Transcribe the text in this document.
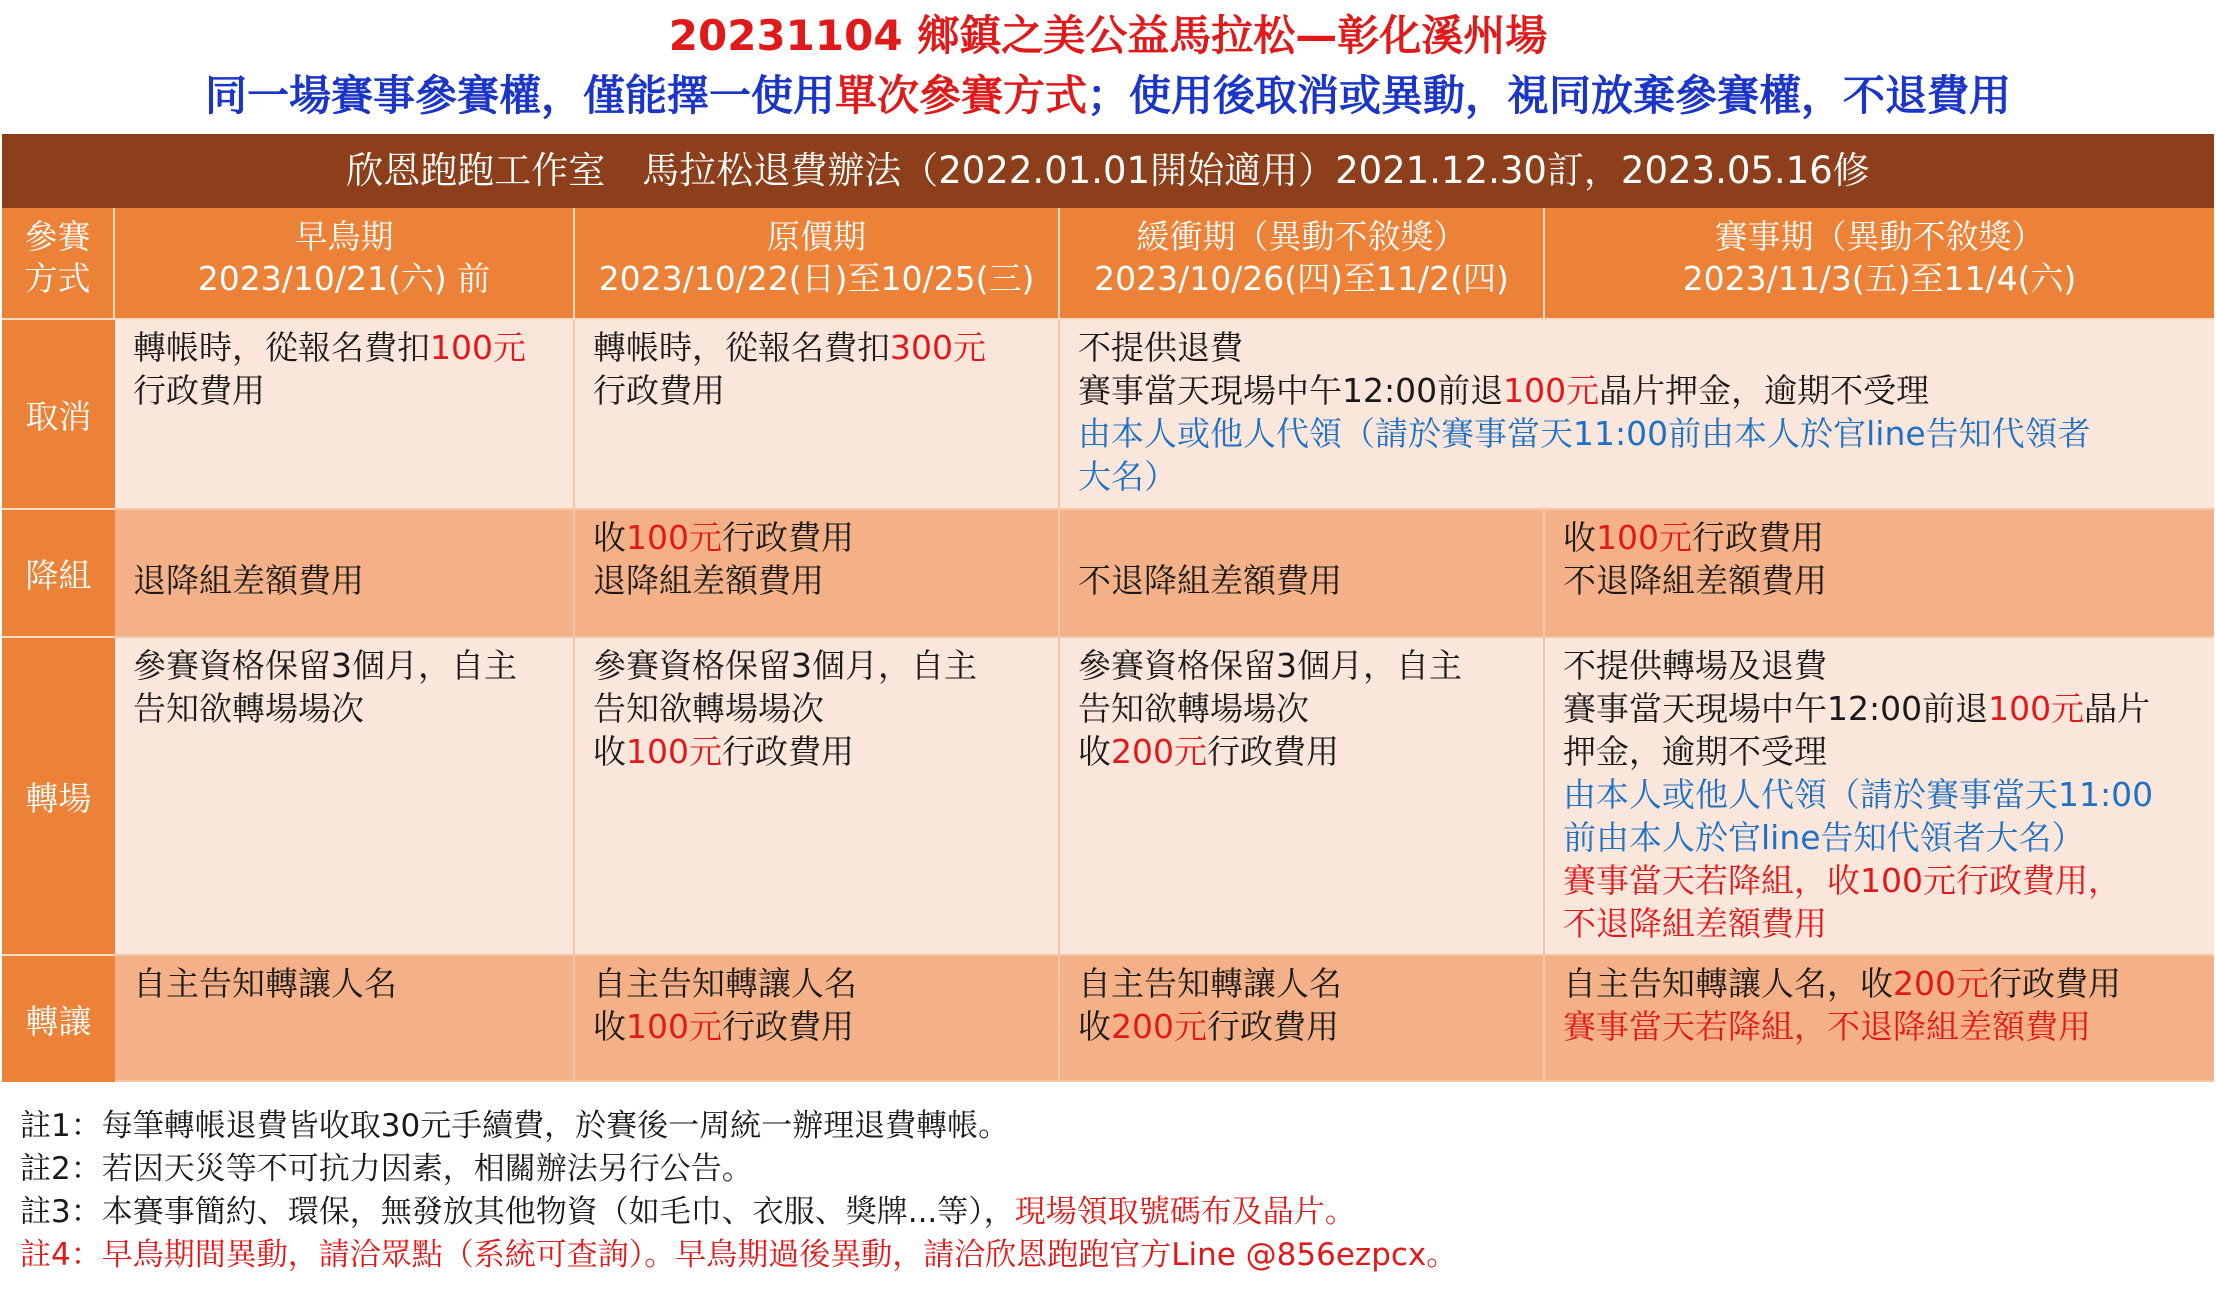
20231104 鄉鎮之美公益馬拉松—彰化溪州場
同一場賽事參賽權，僅能擇一使用單次參賽方式；使用後取消或異動，視同放棄參賽權，不退費用
欣恩跑跑工作室　馬拉松退費辦法（2022.01.01開始適用）2021.12.30訂，2023.05.16修
參賽
方式
早鳥期
2023/10/21(六) 前
原價期
2023/10/22(日)至10/25(三)
緩衝期（異動不敘獎）
2023/10/26(四)至11/2(四)
賽事期（異動不敘獎）
2023/11/3(五)至11/4(六)
取消
降組
轉場
轉讓
轉帳時，從報名費扣100元
行政費用
轉帳時，從報名費扣300元
行政費用
不提供退費
賽事當天現場中午12:00前退100元晶片押金，逾期不受理
由本人或他人代領（請於賽事當天11:00前由本人於官line告知代領者
大名）
退降組差額費用
收100元行政費用
退降組差額費用	不退降組差額費用
收100元行政費用
不退降組差額費用
參賽資格保留3個月，自主
告知欲轉場場次
參賽資格保留3個月，自主
告知欲轉場場次
收100元行政費用
參賽資格保留3個月，自主
告知欲轉場場次
收200元行政費用
不提供轉場及退費
賽事當天現場中午12:00前退100元晶片
押金，逾期不受理
由本人或他人代領（請於賽事當天11:00
前由本人於官line告知代領者大名）
賽事當天若降組，收100元行政費用，
不退降組差額費用
自主告知轉讓人名	自主告知轉讓人名
收100元行政費用
自主告知轉讓人名
收200元行政費用
自主告知轉讓人名，收200元行政費用
賽事當天若降組，不退降組差額費用
註1：每筆轉帳退費皆收取30元手續費，於賽後一周統一辦理退費轉帳。
註2：若因天災等不可抗力因素，相關辦法另行公告。
註3：本賽事簡約、環保，無發放其他物資（如毛巾、衣服、獎牌...等），現場領取號碼布及晶片。
註4：早鳥期間異動，請洽眾點（系統可查詢）。早鳥期過後異動，請洽欣恩跑跑官方Line @856ezpcx。
